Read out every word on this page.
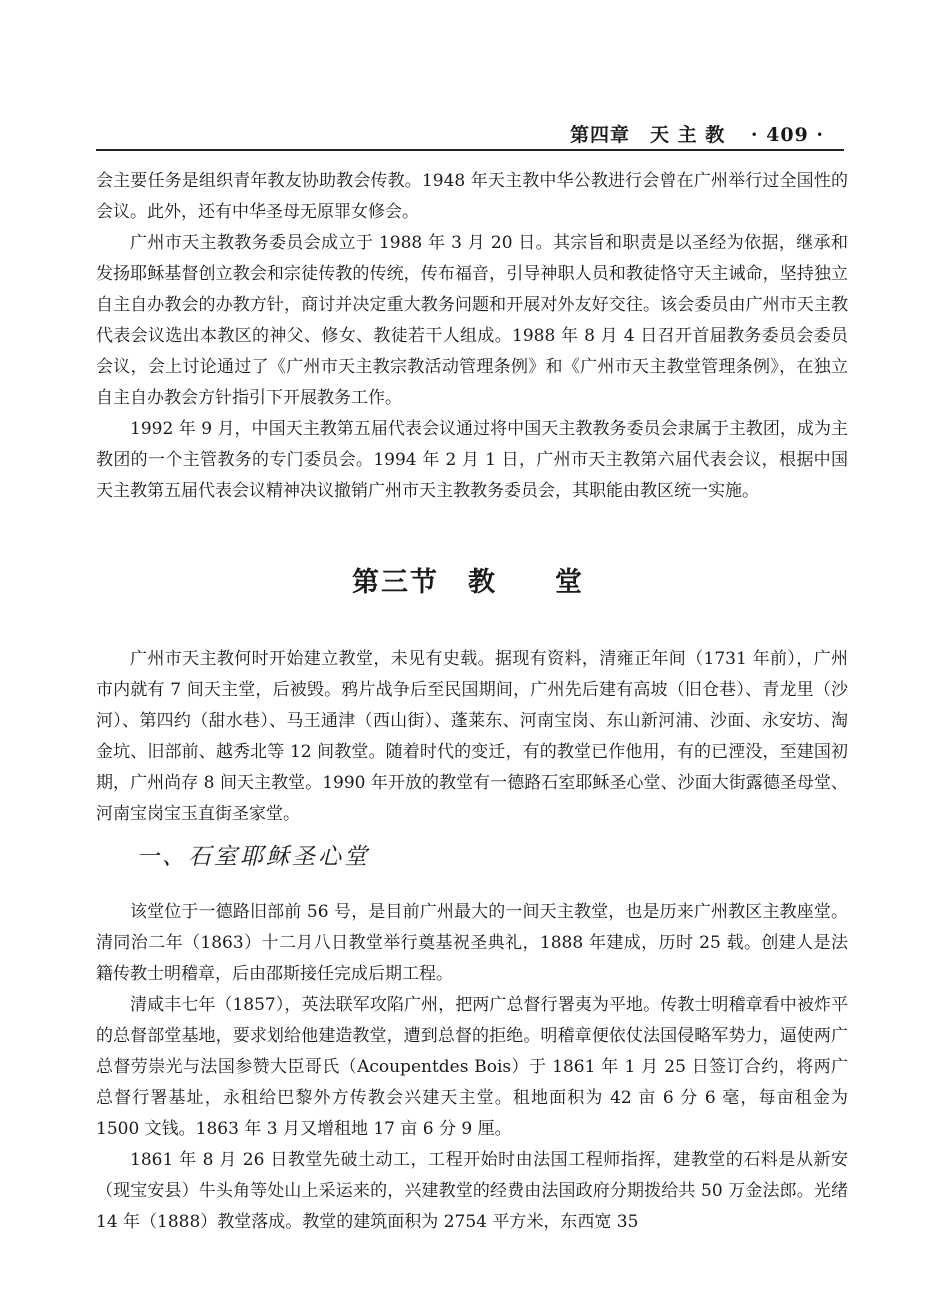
第四章　天 主 教 · 409 ·

会主要任务是组织青年教友协助教会传教。1948 年天主教中华公教进行会曾在广州举行过全国性的会议。此外，还有中华圣母无原罪女修会。

广州市天主教教务委员会成立于 1988 年 3 月 20 日。其宗旨和职责是以圣经为依据，继承和发扬耶稣基督创立教会和宗徒传教的传统，传布福音，引导神职人员和教徒恪守天主诫命，坚持独立自主自办教会的办教方针，商讨并决定重大教务问题和开展对外友好交往。该会委员由广州市天主教代表会议选出本教区的神父、修女、教徒若干人组成。1988 年 8 月 4 日召开首届教务委员会委员会议，会上讨论通过了《广州市天主教宗教活动管理条例》和《广州市天主教堂管理条例》，在独立自主自办教会方针指引下开展教务工作。

1992 年 9 月，中国天主教第五届代表会议通过将中国天主教教务委员会隶属于主教团，成为主教团的一个主管教务的专门委员会。1994 年 2 月 1 日，广州市天主教第六届代表会议，根据中国天主教第五届代表会议精神决议撤销广州市天主教教务委员会，其职能由教区统一实施。

第三节　教　　堂

广州市天主教何时开始建立教堂，未见有史载。据现有资料，清雍正年间（1731 年前），广州市内就有 7 间天主堂，后被毁。鸦片战争后至民国期间，广州先后建有高坡（旧仓巷）、青龙里（沙河）、第四约（甜水巷）、马王通津（西山街）、蓬莱东、河南宝岗、东山新河浦、沙面、永安坊、淘金坑、旧部前、越秀北等 12 间教堂。随着时代的变迁，有的教堂已作他用，有的已湮没，至建国初期，广州尚存 8 间天主教堂。1990 年开放的教堂有一德路石室耶稣圣心堂、沙面大街露德圣母堂、河南宝岗宝玉直街圣家堂。

一、石室耶稣圣心堂

该堂位于一德路旧部前 56 号，是目前广州最大的一间天主教堂，也是历来广州教区主教座堂。清同治二年（1863）十二月八日教堂举行奠基祝圣典礼，1888 年建成，历时 25 载。创建人是法籍传教士明稽章，后由邵斯接任完成后期工程。

清咸丰七年（1857），英法联军攻陷广州，把两广总督行署夷为平地。传教士明稽章看中被炸平的总督部堂基地，要求划给他建造教堂，遭到总督的拒绝。明稽章便依仗法国侵略军势力，逼使两广总督劳崇光与法国参赞大臣哥氏（Acoupentdes Bois）于 1861 年 1 月 25 日签订合约，将两广总督行署基址，永租给巴黎外方传教会兴建天主堂。租地面积为 42 亩 6 分 6 毫，每亩租金为 1500 文钱。1863 年 3 月又增租地 17 亩 6 分 9 厘。

1861 年 8 月 26 日教堂先破土动工，工程开始时由法国工程师指挥，建教堂的石料是从新安（现宝安县）牛头角等处山上采运来的，兴建教堂的经费由法国政府分期拨给共 50 万金法郎。光绪 14 年（1888）教堂落成。教堂的建筑面积为 2754 平方米，东西宽 35
